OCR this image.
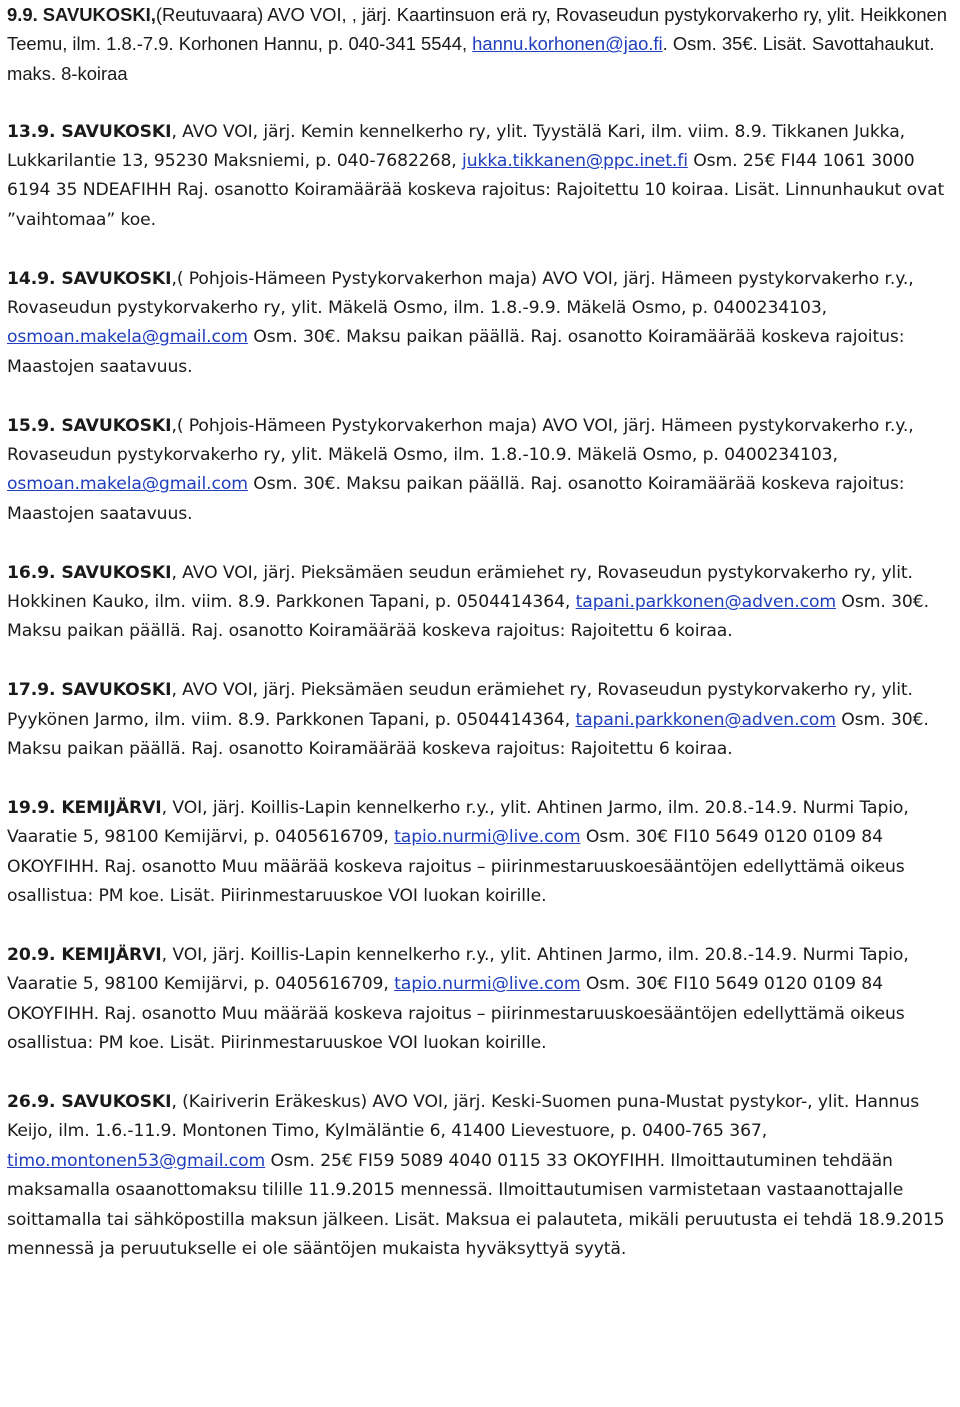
9.9. SAVUKOSKI,(Reutuvaara) AVO VOI, , järj. Kaartinsuon erä ry, Rovaseudun pystykorvakerho ry, ylit. Heikkonen Teemu, ilm. 1.8.-7.9. Korhonen Hannu, p. 040-341 5544, hannu.korhonen@jao.fi. Osm. 35€. Lisät. Savottahaukut. maks. 8-koiraa

13.9. SAVUKOSKI, AVO VOI, järj. Kemin kennelkerho ry, ylit. Tyystälä Kari, ilm. viim. 8.9. Tikkanen Jukka, Lukkarilantie 13, 95230 Maksniemi, p. 040-7682268, jukka.tikkanen@ppc.inet.fi Osm. 25€ FI44 1061 3000 6194 35 NDEAFIHH Raj. osanotto Koiramäärää koskeva rajoitus: Rajoitettu 10 koiraa. Lisät. Linnunhaukut ovat ”vaihtomaa” koe.

14.9. SAVUKOSKI,( Pohjois-Hämeen Pystykorvakerhon maja) AVO VOI, järj. Hämeen pystykorvakerho r.y., Rovaseudun pystykorvakerho ry, ylit. Mäkelä Osmo, ilm. 1.8.-9.9. Mäkelä Osmo, p. 0400234103, osmoan.makela@gmail.com Osm. 30€. Maksu paikan päällä. Raj. osanotto Koiramäärää koskeva rajoitus: Maastojen saatavuus.

15.9. SAVUKOSKI,( Pohjois-Hämeen Pystykorvakerhon maja) AVO VOI, järj. Hämeen pystykorvakerho r.y., Rovaseudun pystykorvakerho ry, ylit. Mäkelä Osmo, ilm. 1.8.-10.9. Mäkelä Osmo, p. 0400234103, osmoan.makela@gmail.com Osm. 30€. Maksu paikan päällä. Raj. osanotto Koiramäärää koskeva rajoitus: Maastojen saatavuus.

16.9. SAVUKOSKI, AVO VOI, järj. Pieksämäen seudun erämiehet ry, Rovaseudun pystykorvakerho ry, ylit. Hokkinen Kauko, ilm. viim. 8.9. Parkkonen Tapani, p. 0504414364, tapani.parkkonen@adven.com Osm. 30€. Maksu paikan päällä. Raj. osanotto Koiramäärää koskeva rajoitus: Rajoitettu 6 koiraa.

17.9. SAVUKOSKI, AVO VOI, järj. Pieksämäen seudun erämiehet ry, Rovaseudun pystykorvakerho ry, ylit. Pyykönen Jarmo, ilm. viim. 8.9. Parkkonen Tapani, p. 0504414364, tapani.parkkonen@adven.com Osm. 30€. Maksu paikan päällä. Raj. osanotto Koiramäärää koskeva rajoitus: Rajoitettu 6 koiraa.

19.9. KEMIJÄRVI, VOI, järj. Koillis-Lapin kennelkerho r.y., ylit. Ahtinen Jarmo, ilm. 20.8.-14.9. Nurmi Tapio, Vaaratie 5, 98100 Kemijärvi, p. 0405616709, tapio.nurmi@live.com Osm. 30€ FI10 5649 0120 0109 84 OKOYFIHH. Raj. osanotto Muu määrää koskeva rajoitus – piirinmestaruuskoesääntöjen edellyttämä oikeus osallistua: PM koe. Lisät. Piirinmestaruuskoe VOI luokan koirille.

20.9. KEMIJÄRVI, VOI, järj. Koillis-Lapin kennelkerho r.y., ylit. Ahtinen Jarmo, ilm. 20.8.-14.9. Nurmi Tapio, Vaaratie 5, 98100 Kemijärvi, p. 0405616709, tapio.nurmi@live.com Osm. 30€ FI10 5649 0120 0109 84 OKOYFIHH. Raj. osanotto Muu määrää koskeva rajoitus – piirinmestaruuskoesääntöjen edellyttämä oikeus osallistua: PM koe. Lisät. Piirinmestaruuskoe VOI luokan koirille.

26.9. SAVUKOSKI, (Kairiverin Eräkeskus) AVO VOI, järj. Keski-Suomen puna-Mustat pystykor-, ylit. Hannus Keijo, ilm. 1.6.-11.9. Montonen Timo, Kylmäläntie 6, 41400 Lievestuore, p. 0400-765 367, timo.montonen53@gmail.com Osm. 25€ FI59 5089 4040 0115 33 OKOYFIHH. Ilmoittautuminen tehdään maksamalla osaanottomaksu tilille 11.9.2015 mennessä. Ilmoittautumisen varmistetaan vastaanottajalle soittamalla tai sähköpostilla maksun jälkeen. Lisät. Maksua ei palauteta, mikäli peruutusta ei tehdä 18.9.2015 mennessä ja peruutukselle ei ole sääntöjen mukaista hyväksyttyä syytä.
